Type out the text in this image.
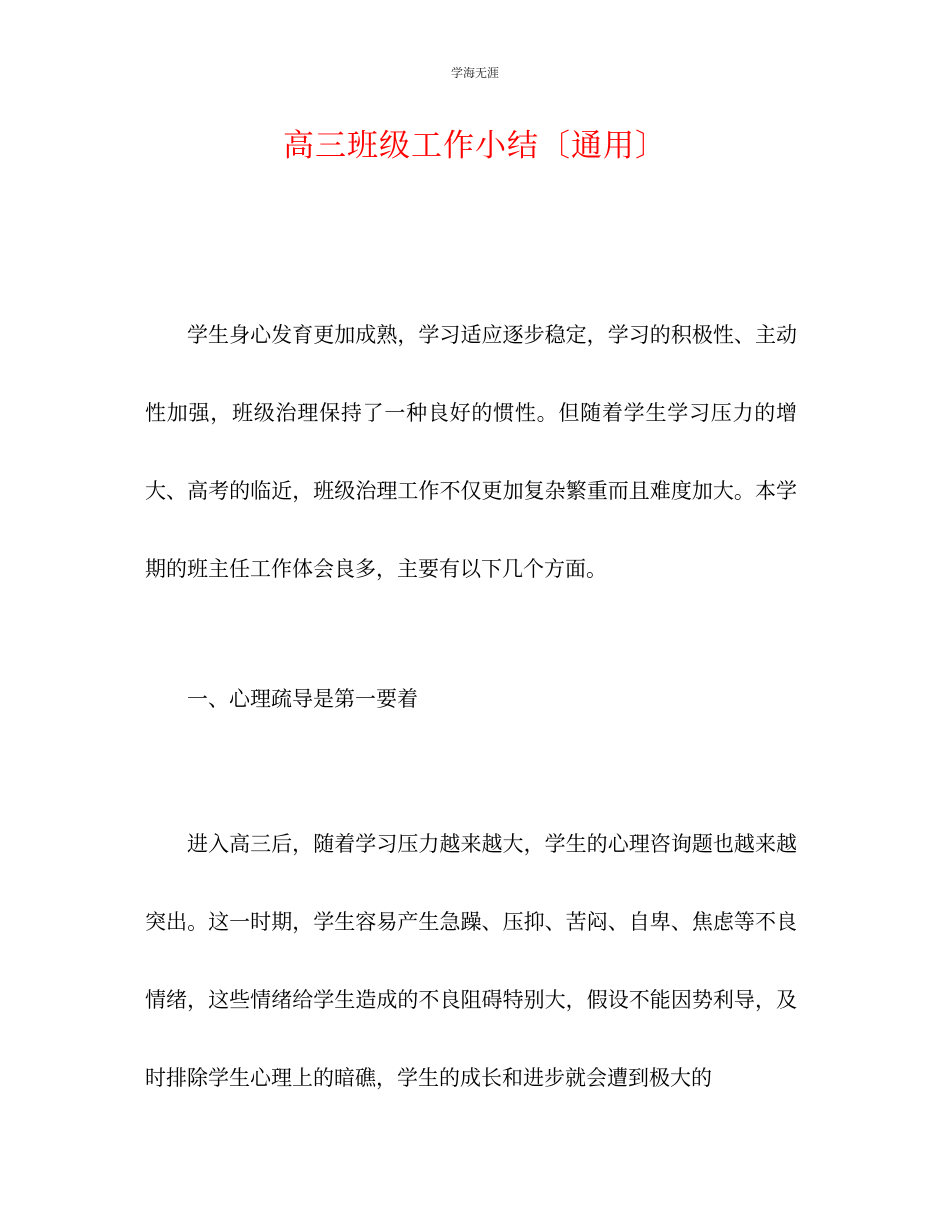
学海无涯
高三班级工作小结〔通用〕

学生身心发育更加成熟，学习适应逐步稳定，学习的积极性、主动性加强，班级治理保持了一种良好的惯性。但随着学生学习压力的增大、高考的临近，班级治理工作不仅更加复杂繁重而且难度加大。本学期的班主任工作体会良多，主要有以下几个方面。

一、心理疏导是第一要着

进入高三后，随着学习压力越来越大，学生的心理咨询题也越来越突出。这一时期，学生容易产生急躁、压抑、苦闷、自卑、焦虑等不良情绪，这些情绪给学生造成的不良阻碍特别大，假设不能因势利导，及时排除学生心理上的暗礁，学生的成长和进步就会遭到极大的
